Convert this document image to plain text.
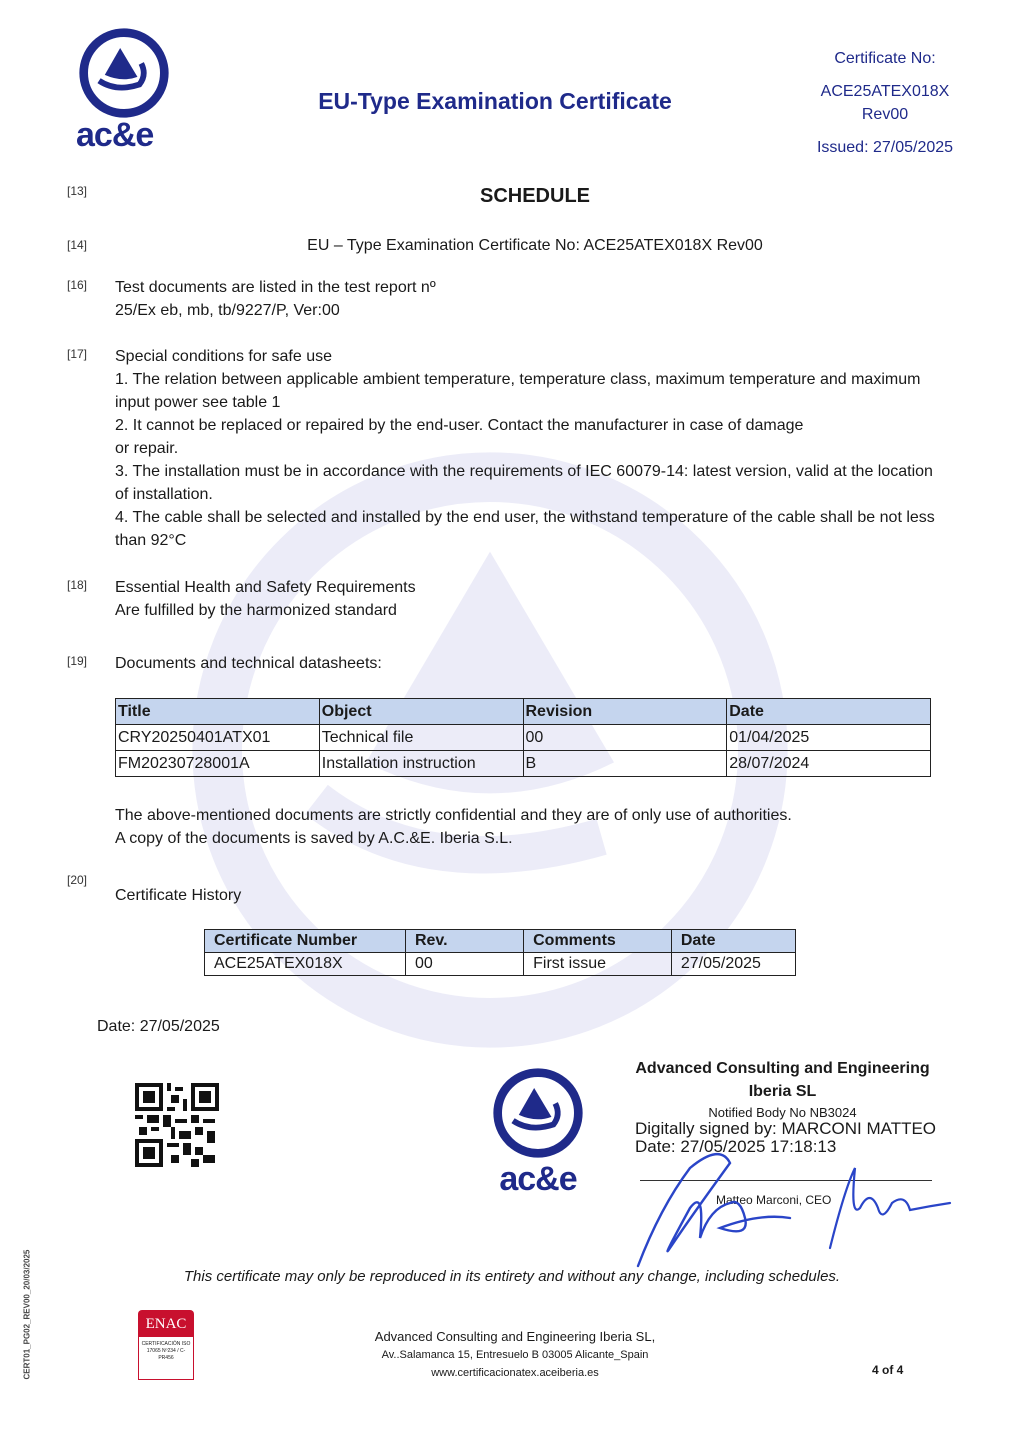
ac&e
EU-Type Examination Certificate
Certificate No:
ACE25ATEX018X
Rev00
Issued: 27/05/2025
[13]	SCHEDULE
[14]	EU – Type Examination Certificate No: ACE25ATEX018X Rev00
[16] Test documents are listed in the test report nº
25/Ex eb, mb, tb/9227/P, Ver:00
[17] Special conditions for safe use
1. The relation between applicable ambient temperature, temperature class, maximum temperature and maximum input power see table 1
2. It cannot be replaced or repaired by the end-user. Contact the manufacturer in case of damage
or repair.
3. The installation must be in accordance with the requirements of IEC 60079-14: latest version, valid at the location of installation.
4. The cable shall be selected and installed by the end user, the withstand temperature of the cable shall be not less than 92°C
[18] Essential Health and Safety Requirements
Are fulfilled by the harmonized standard
[19] Documents and technical datasheets:
Title	Object	Revision	Date
CRY20250401ATX01	Technical file	00	01/04/2025
FM20230728001A	Installation instruction	B	28/07/2024
The above-mentioned documents are strictly confidential and they are of only use of authorities.
A copy of the documents is saved by A.C.&E. Iberia S.L.
[20]
Certificate History
Certificate Number	Rev.	Comments	Date
ACE25ATEX018X	00	First issue	27/05/2025
Date: 27/05/2025
ac&e
Advanced Consulting and Engineering
Iberia SL
Notified Body No NB3024
Digitally signed by: MARCONI MATTEO
Date: 27/05/2025 17:18:13
Matteo Marconi, CEO
This certificate may only be reproduced in its entirety and without any change, including schedules.
ENAC
CERTIFICACIÓN ISO 17065 Nº234 / C-PR456
Advanced Consulting and Engineering Iberia SL,
Av..Salamanca 15, Entresuelo B 03005 Alicante_Spain
www.certificacionatex.aceiberia.es	4 of 4
CERT01_PG02_REV00_20/03/2025
